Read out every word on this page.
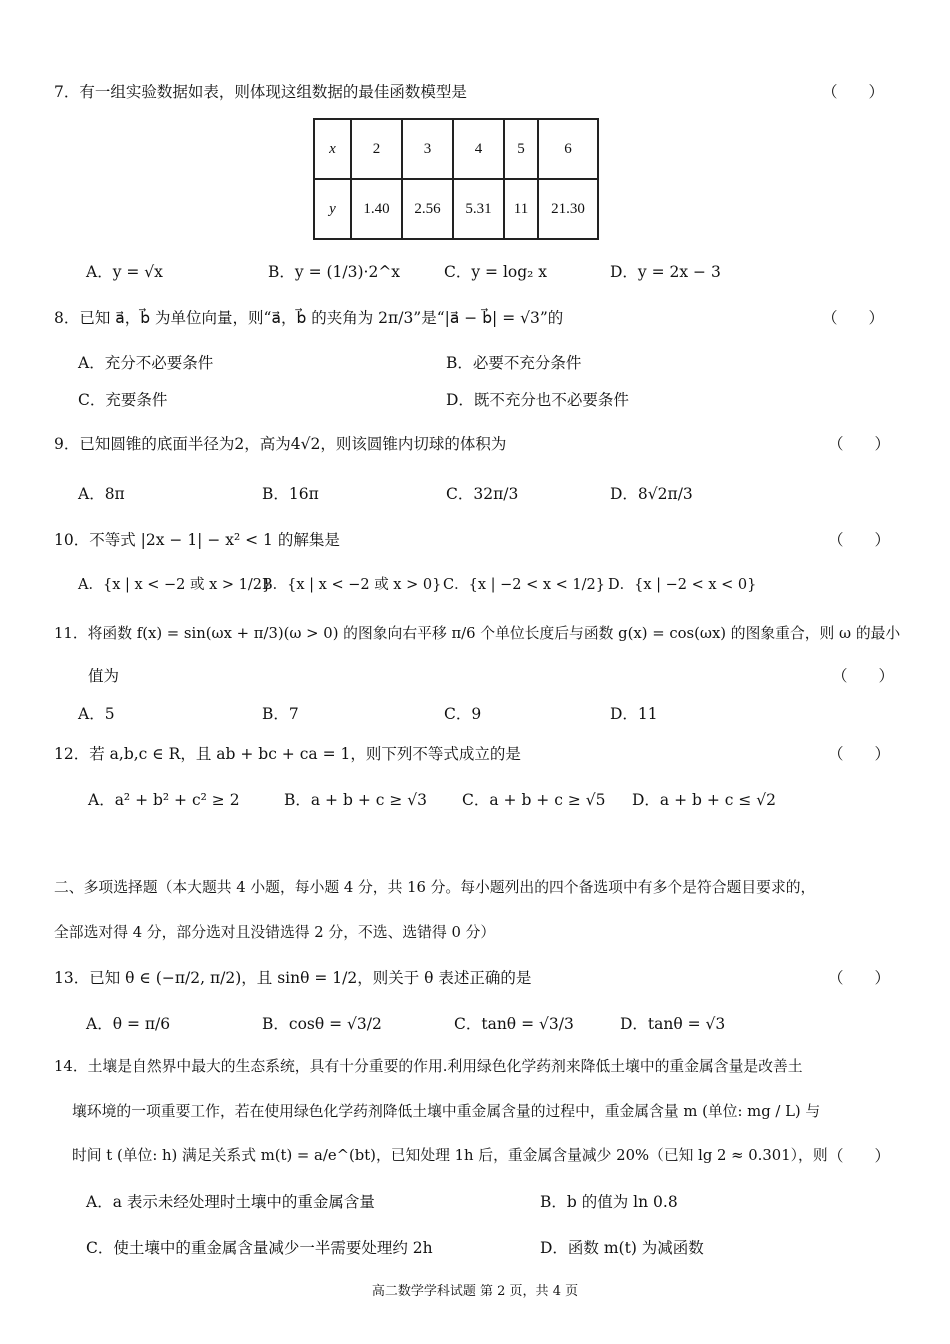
7．有一组实验数据如表，则体现这组数据的最佳函数模型是	（　　）
x	2	3	4	5	6
y	1.40	2.56	5.31	11	21.30
A．y = √x	B．y = (1/3)·2^x	C．y = log₂ x	D．y = 2x − 3
8．已知 a⃗，b⃗ 为单位向量，则“a⃗，b⃗ 的夹角为 2π/3”是“|a⃗ − b⃗| = √3”的	（　　）
A．充分不必要条件	B．必要不充分条件
C．充要条件	D．既不充分也不必要条件
9．已知圆锥的底面半径为2，高为4√2，则该圆锥内切球的体积为	（　　）
A．8π	B．16π	C．32π/3	D．8√2π/3
10．不等式 |2x − 1| − x² < 1 的解集是	（　　）
A．{x | x < −2 或 x > 1/2}
B．{x | x < −2 或 x > 0} C．{x | −2 < x < 1/2} D．{x | −2 < x < 0}
11．将函数 f(x) = sin(ωx + π/3)(ω > 0) 的图象向右平移 π/6 个单位长度后与函数 g(x) = cos(ωx) 的图象重合，则 ω 的最小
值为	（　　）
A．5	B．7	C．9	D．11
12．若 a,b,c ∈ R，且 ab + bc + ca = 1，则下列不等式成立的是	（　　）
A．a² + b² + c² ≥ 2	B．a + b + c ≥ √3 C．a + b + c ≥ √5 D．a + b + c ≤ √2
二、多项选择题（本大题共 4 小题，每小题 4 分，共 16 分。每小题列出的四个备选项中有多个是符合题目要求的，
全部选对得 4 分，部分选对且没错选得 2 分，不选、选错得 0 分）
13．已知 θ ∈ (−π/2, π/2)，且 sinθ = 1/2，则关于 θ 表述正确的是	（　　）
A．θ = π/6	B．cosθ = √3/2	C．tanθ = √3/3	D．tanθ = √3
14．土壤是自然界中最大的生态系统，具有十分重要的作用.利用绿色化学药剂来降低土壤中的重金属含量是改善土
壤环境的一项重要工作，若在使用绿色化学药剂降低土壤中重金属含量的过程中，重金属含量 m (单位: mg / L) 与
时间 t (单位: h) 满足关系式 m(t) = a/e^(bt)，已知处理 1h 后，重金属含量减少 20%（已知 lg 2 ≈ 0.301），则 （　　）
A．a 表示未经处理时土壤中的重金属含量	B．b 的值为 ln 0.8
C．使土壤中的重金属含量减少一半需要处理约 2h	D．函数 m(t) 为减函数
高二数学学科试题 第 2 页，共 4 页
